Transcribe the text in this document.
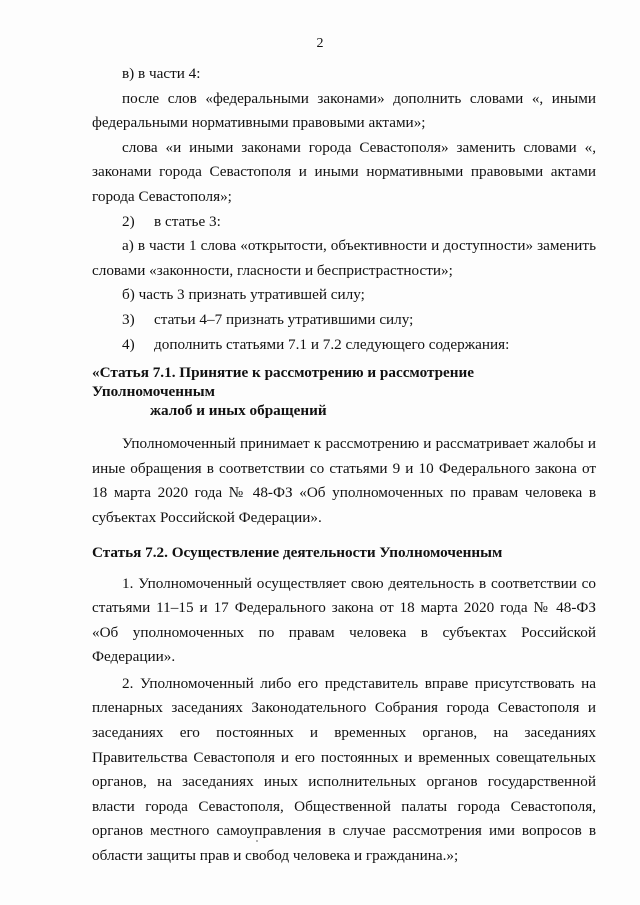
2

в) в части 4:

после слов «федеральными законами» дополнить словами «, иными федеральными нормативными правовыми актами»;

слова «и иными законами города Севастополя» заменить словами «, законами города Севастополя и иными нормативными правовыми актами города Севастополя»;

2)	в статье 3:

а) в части 1 слова «открытости, объективности и доступности» заменить словами «законности, гласности и беспристрастности»;

б) часть 3 признать утратившей силу;

3)	статьи 4–7 признать утратившими силу;
4)	дополнить статьями 7.1 и 7.2 следующего содержания:
«Статья 7.1. Принятие к рассмотрению и рассмотрение Уполномоченным
жалоб и иных обращений

Уполномоченный принимает к рассмотрению и рассматривает жалобы и иные обращения в соответствии со статьями 9 и 10 Федерального закона от 18 марта 2020 года № 48-ФЗ «Об уполномоченных по правам человека в субъектах Российской Федерации».

Статья 7.2. Осуществление деятельности Уполномоченным

1. Уполномоченный осуществляет свою деятельность в соответствии со статьями 11–15 и 17 Федерального закона от 18 марта 2020 года № 48-ФЗ «Об уполномоченных по правам человека в субъектах Российской Федерации».

2. Уполномоченный либо его представитель вправе присутствовать на пленарных заседаниях Законодательного Собрания города Севастополя и заседаниях его постоянных и временных органов, на заседаниях Правительства Севастополя и его постоянных и временных совещательных органов, на заседаниях иных исполнительных органов государственной власти города Севастополя, Общественной палаты города Севастополя, органов местного самоуправления в случае рассмотрения ими вопросов в области защиты прав и свобод человека и гражданина.»;
